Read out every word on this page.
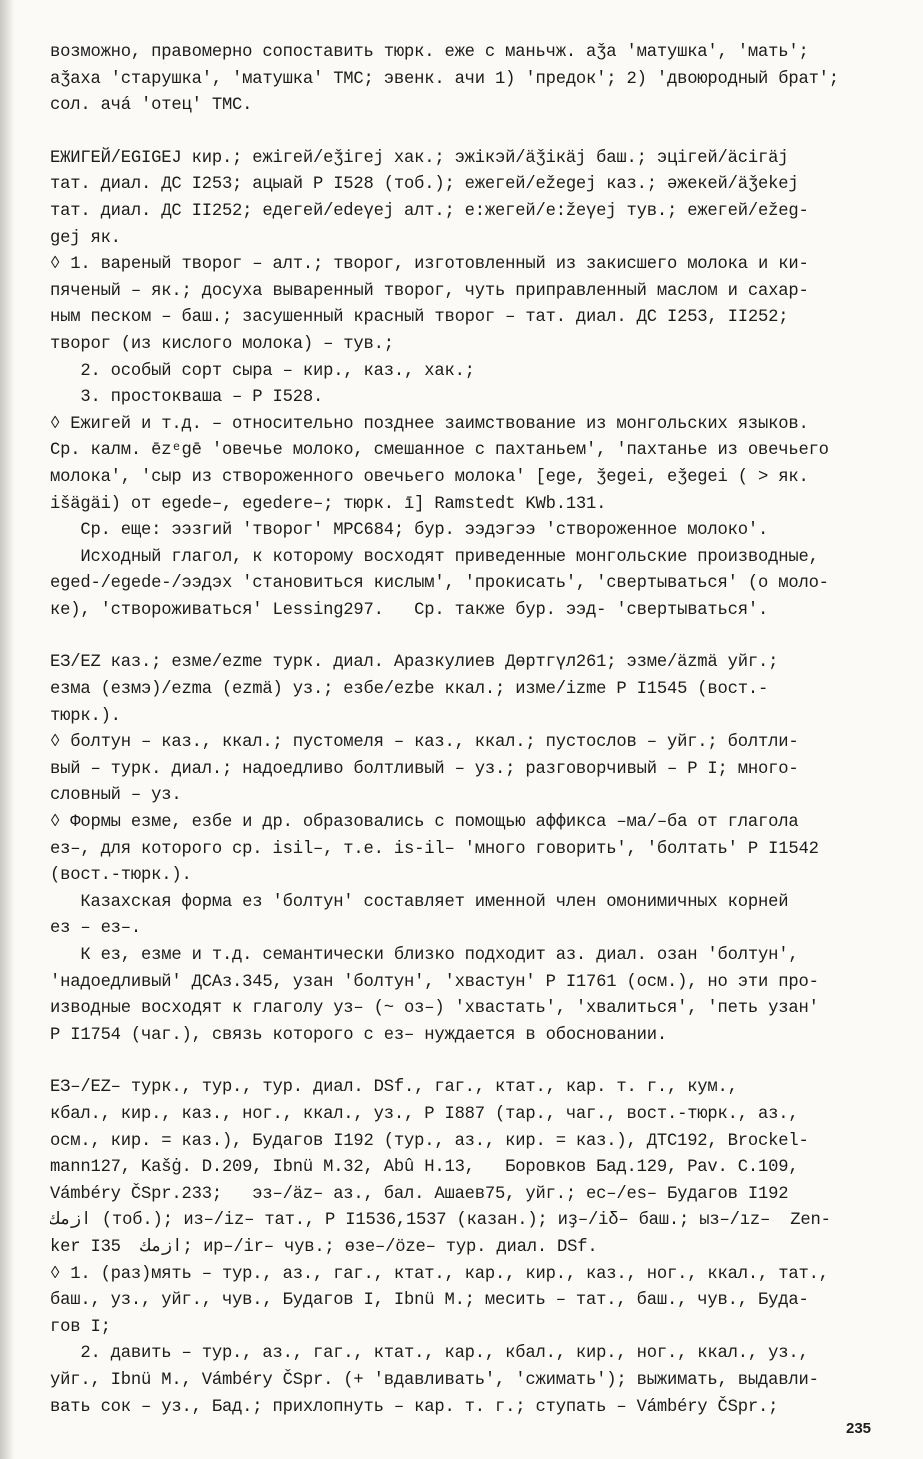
возможно, правомерно сопоставить тюрк. eже с маньчж. aǯa 'матушка', 'мать';
aǯaxa 'старушка', 'матушка' ТМС; эвенк. ачи 1) 'предок'; 2) 'двоюродный брат';
сол. aчá 'отец' ТМС.
ЕЖИГЕЙ/EGIGEJ кир.; eжігей/eǯігеj хак.; эжікэй/äǯікäj баш.; эцігей/äcігäj
тат. диал. ДС I253; ацыай Р I528 (тоб.); ежегей/ežegej каз.; әжекей/äǯekej
тат. диал. ДС II252; едегей/edеγеj алт.; е:жегей/е:žеγеj тув.; ежегей/ežeg-
gej як.
◊ 1. вареный творог – алт.; творог, изготовленный из закисшего молока и ки-
пяченый – як.; досуха вываренный творог, чуть приправленный маслом и сахар-
ным песком – баш.; засушенный красный творог – тат. диал. ДС I253, II252;
творог (из кислого молока) – тув.;
2. особый сорт сыра – кир., каз., хак.;
3. простокваша – Р I528.
◊ Ежигей и т.д. – относительно позднее заимствование из монгольских языков.
Ср. калм. ēzᵉgē 'овечье молоко, смешанное с пахтаньем', 'пахтанье из овечьего
молока', 'сыр из створоженного овечьего молока' [еge, ǯegei, eǯegei ( > як.
išägäi) от egede–, egedere–; тюрк. ī] Ramstedt KWb.131.
Ср. еще: ээзгий 'творог' МРС684; бур. ээдэгээ 'створоженное молоко'.
Исходный глагол, к которому восходят приведенные монгольские производные,
eged-/egede-/ээдэх 'становиться кислым', 'прокисать', 'свертываться' (о моло-
ке), 'створоживаться' Lessing297.   Ср. также бур. ээд- 'свертываться'.
ЕЗ/EZ каз.; езме/ezme турк. диал. Аразкулиев Дөртгүл261; эзмe/äzmä уйг.;
езма (езмэ)/ezma (ezmä) уз.; езбе/ezbe ккал.; изме/izme Р I1545 (вост.-
тюрк.).
◊ болтун – каз., ккал.; пустомеля – каз., ккал.; пустослов – уйг.; болтли-
вый – турк. диал.; надоедливо болтливый – уз.; разговорчивый – Р I; много-
словный – уз.
◊ Формы езме, езбе и др. образовались с помощью аффикса –ма/–ба от глагола
ез–, для которого ср. isil–, т.е. is-il– 'много говорить', 'болтать' Р I1542
(вост.-тюрк.).
Казахская форма ез 'болтун' составляет именной член омонимичных корней
ез – ез–.
К ез, езме и т.д. семантически близко подходит аз. диал. озан 'болтун',
'надоедливый' ДСАз.345, узан 'болтун', 'хвастун' Р I1761 (осм.), но эти про-
изводные восходят к глаголу уз– (~ оз–) 'хвастать', 'хвалиться', 'петь узан'
Р I1754 (чаг.), связь которого с ез– нуждается в обосновании.
ЕЗ–/EZ– турк., тур., тур. диал. DSf., гаг., ктат., кар. т. г., кум.,
кбал., кир., каз., ног., ккал., уз., Р I887 (тар., чаг., вост.-тюрк., аз.,
осм., кир. = каз.), Будагов I192 (тур., аз., кир. = каз.), ДТС192, Brockel-
mann127, Kašġ. D.209, Ibnü M.32, Abû H.13,   Боровков Бад.129, Pav. C.109,
Vámbéry ČSpr.233;   эз–/äz– аз., бал. Ашаев75, уйг.; ес–/es– Будагов I192
ازمك (тоб.); из–/iz– тат., Р I1536,1537 (казан.); иҙ–/iδ– баш.; ыз–/ız–  Zen-
ker I35  ازمك; ир–/ir– чув.; өзе–/öze– тур. диал. DSf.
◊ 1. (раз)мять – тур., аз., гаг., ктат., кар., кир., каз., ног., ккал., тат.,
баш., уз., уйг., чув., Будагов I, Ibnü M.; месить – тат., баш., чув., Буда-
гов I;
2. давить – тур., аз., гаг., ктат., кар., кбал., кир., ног., ккал., уз.,
уйг., Ibnü M., Vámbéry ČSpr. (+ 'вдавливать', 'сжимать'); выжимать, выдавли-
вать сок – уз., Бад.; прихлопнуть – кар. т. г.; ступать – Vámbéry ČSpr.;
235
